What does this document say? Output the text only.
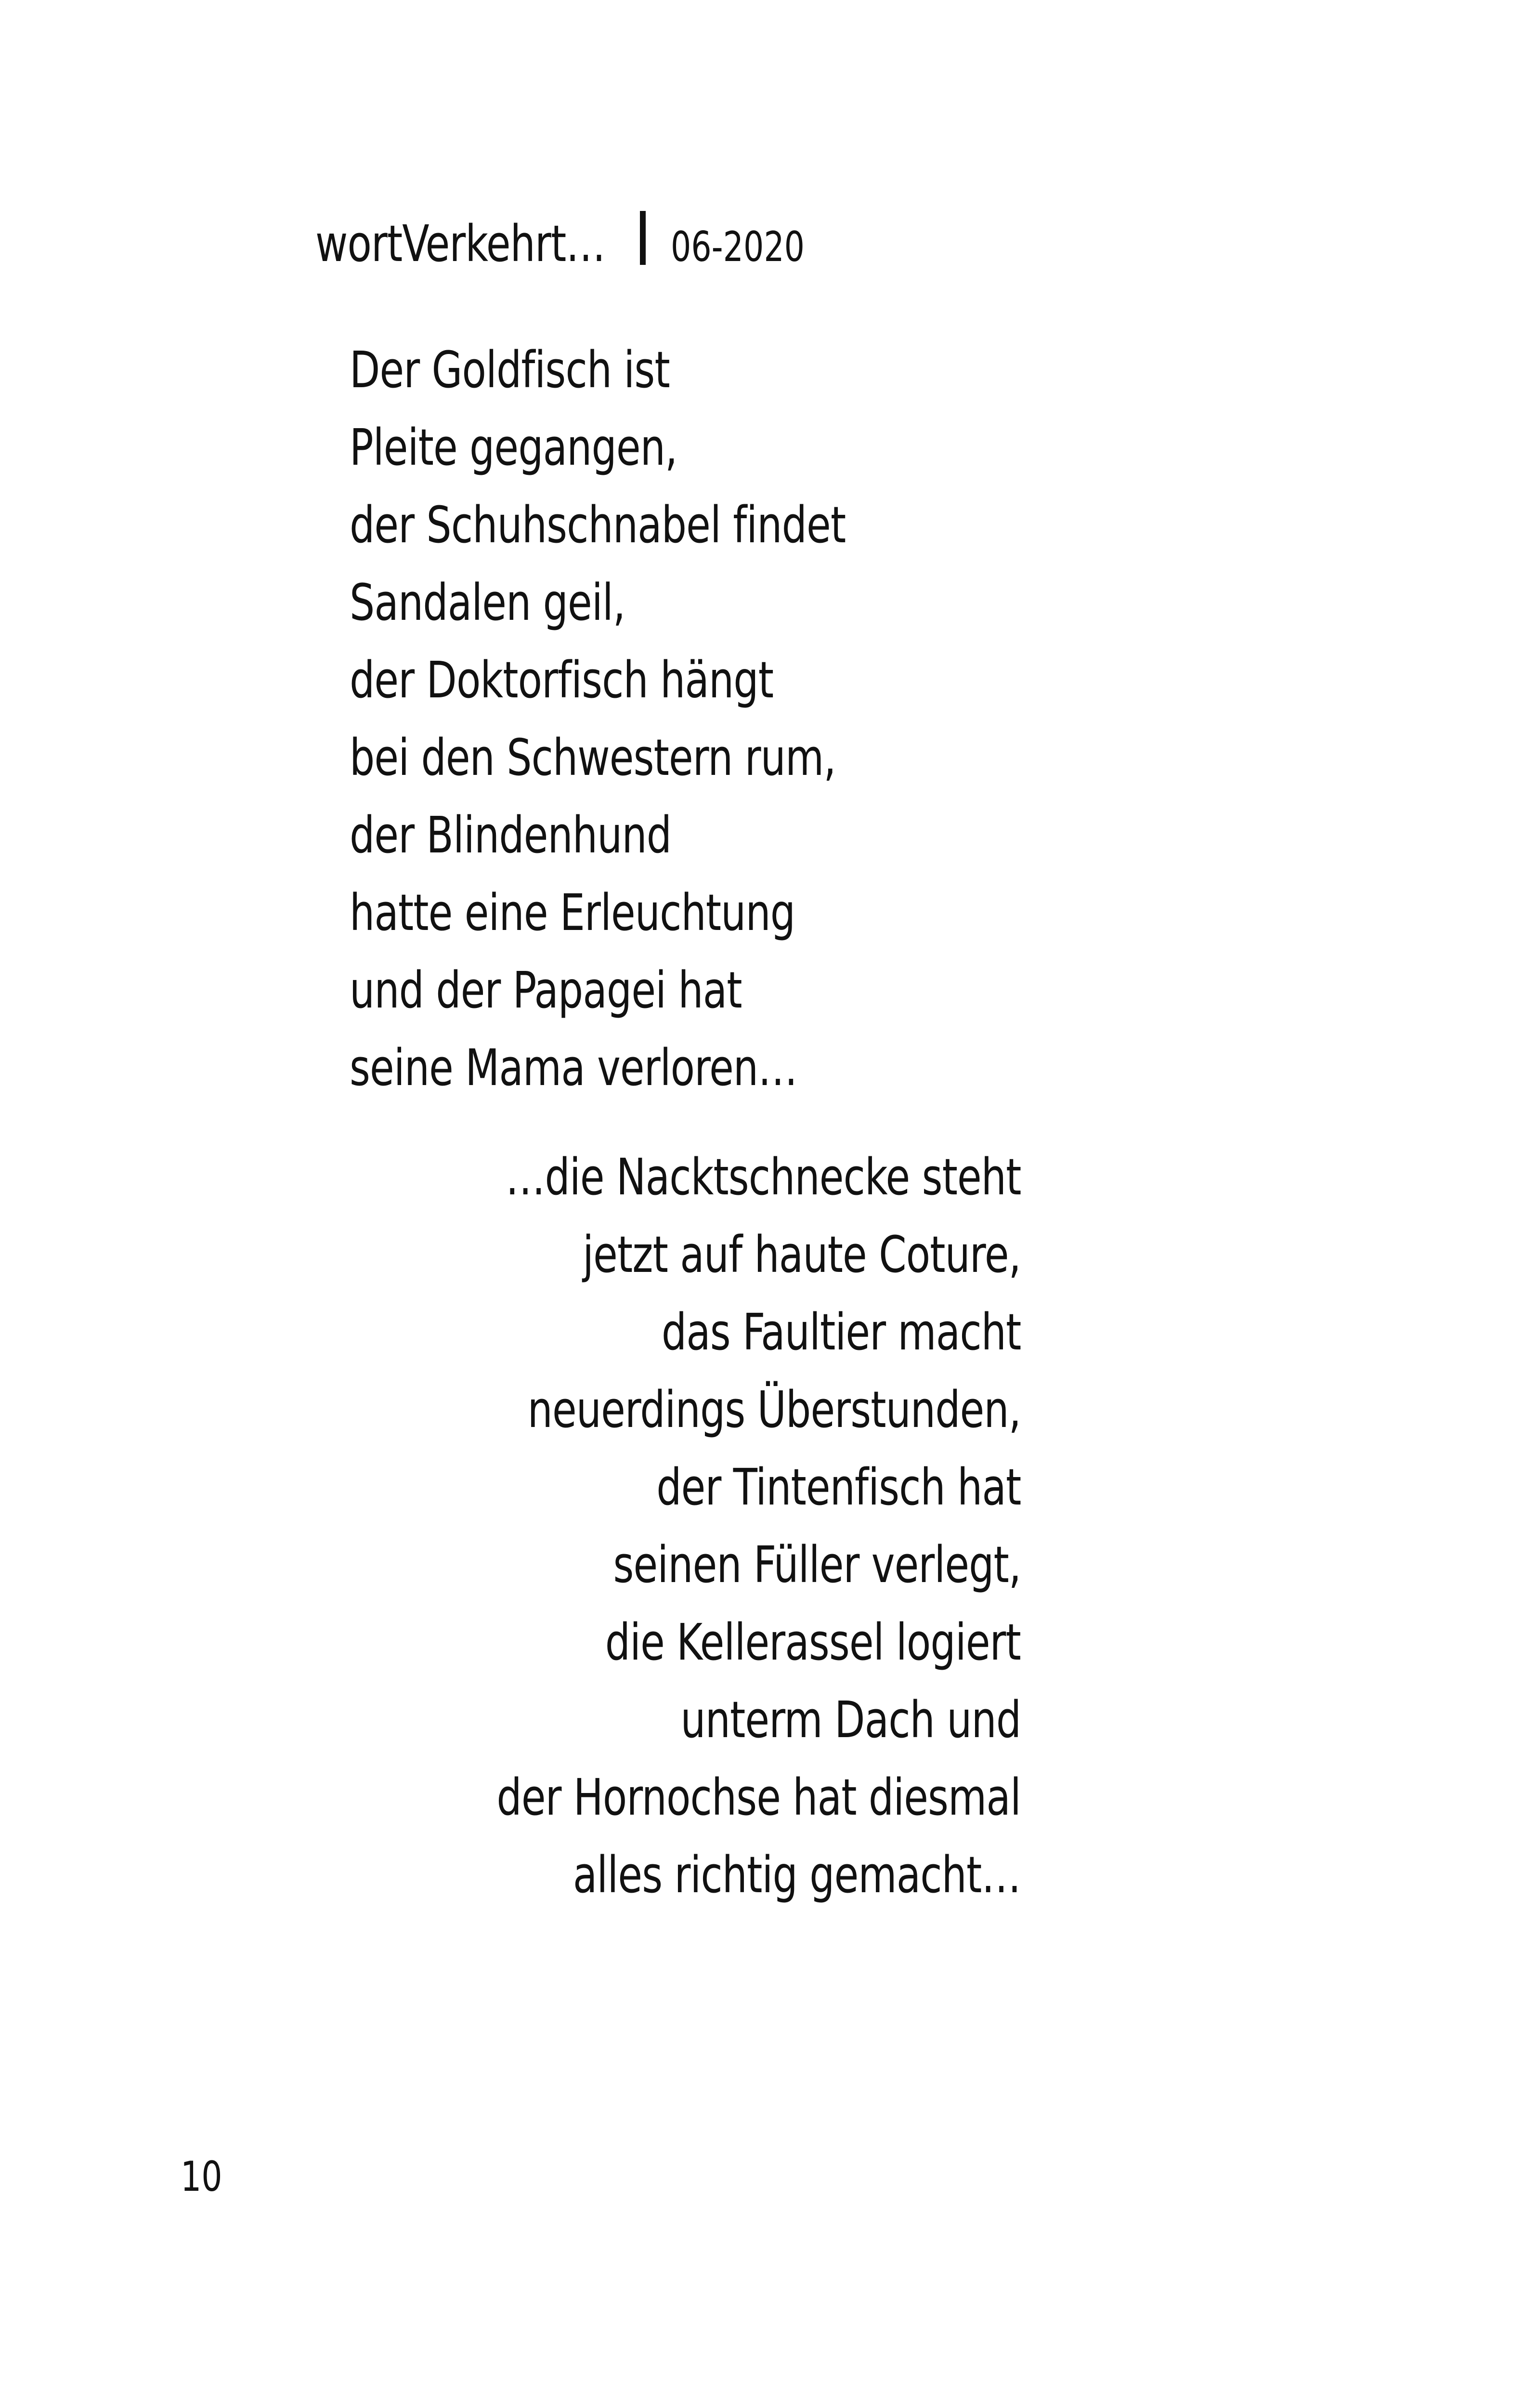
wortVerkehrt… 06-2020
Der Goldfisch ist
Pleite gegangen,
der Schuhschnabel findet
Sandalen geil,
der Doktorfisch hängt
bei den Schwestern rum,
der Blindenhund
hatte eine Erleuchtung
und der Papagei hat
seine Mama verloren…
…die Nacktschnecke steht
jetzt auf haute Coture,
das Faultier macht
neuerdings Überstunden,
der Tintenfisch hat
seinen Füller verlegt,
die Kellerassel logiert
unterm Dach und
der Hornochse hat diesmal
alles richtig gemacht…
10
